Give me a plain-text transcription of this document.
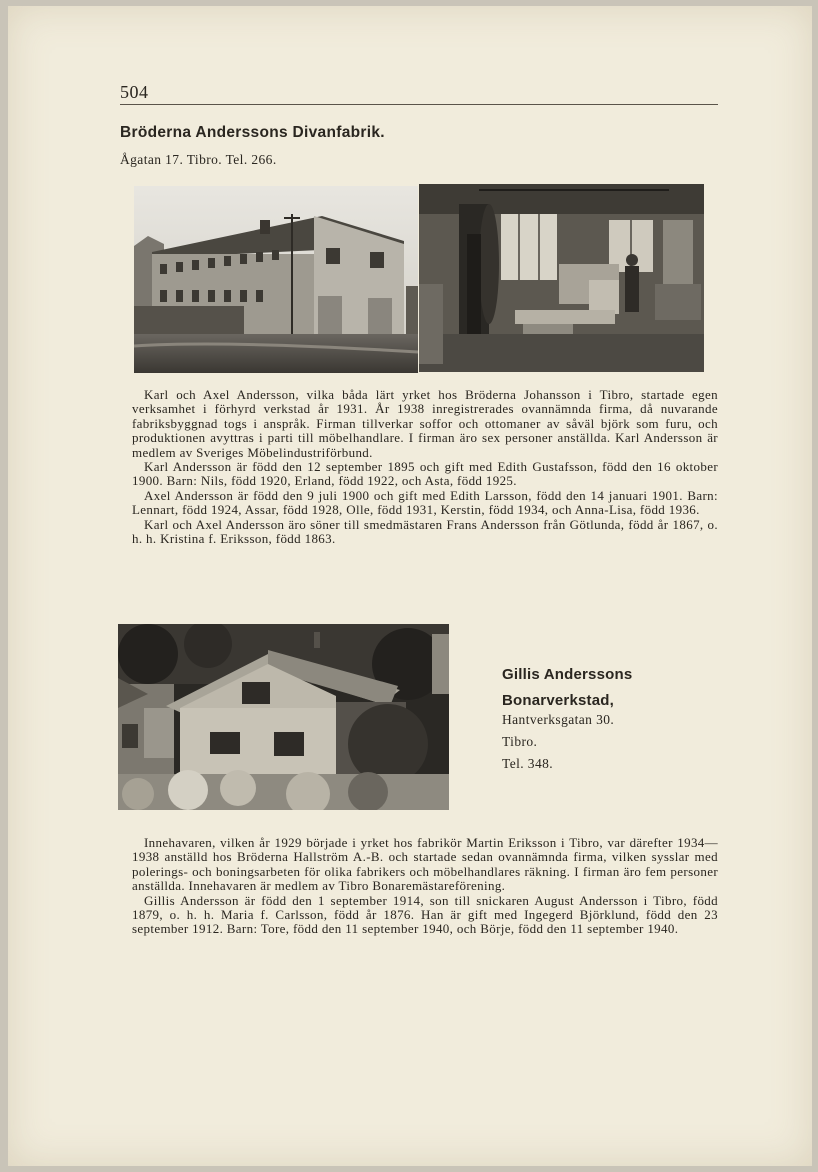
504
Bröderna Anderssons Divanfabrik.
Ågatan 17. Tibro. Tel. 266.

Karl och Axel Andersson, vilka båda lärt yrket hos Bröderna Johansson i Tibro, startade egen verksamhet i förhyrd verkstad år 1931. År 1938 inregistrerades ovannämnda firma, då nuvarande fabriksbyggnad togs i anspråk. Firman tillverkar soffor och ottomaner av såväl björk som furu, och produktionen avyttras i parti till möbelhandlare. I firman äro sex personer anställda. Karl Andersson är medlem av Sveriges Möbelindustriförbund.

Karl Andersson är född den 12 september 1895 och gift med Edith Gustafsson, född den 16 oktober 1900. Barn: Nils, född 1920, Erland, född 1922, och Asta, född 1925.

Axel Andersson är född den 9 juli 1900 och gift med Edith Larsson, född den 14 januari 1901. Barn: Lennart, född 1924, Assar, född 1928, Olle, född 1931, Kerstin, född 1934, och Anna-Lisa, född 1936.

Karl och Axel Andersson äro söner till smedmästaren Frans Andersson från Götlunda, född år 1867, o. h. h. Kristina f. Eriksson, född 1863.

Gillis Anderssons Bonarverkstad,
Hantverksgatan 30.
Tibro.
Tel. 348.

Innehavaren, vilken år 1929 började i yrket hos fabrikör Martin Eriksson i Tibro, var därefter 1934—1938 anställd hos Bröderna Hallström A.-B. och startade sedan ovannämnda firma, vilken sysslar med polerings- och boningsarbeten för olika fabrikers och möbelhandlares räkning. I firman äro fem personer anställda. Innehavaren är medlem av Tibro Bonaremästareförening.

Gillis Andersson är född den 1 september 1914, son till snickaren August Andersson i Tibro, född 1879, o. h. h. Maria f. Carlsson, född år 1876. Han är gift med Ingegerd Björklund, född den 23 september 1912. Barn: Tore, född den 11 september 1940, och Börje, född den 11 september 1940.
